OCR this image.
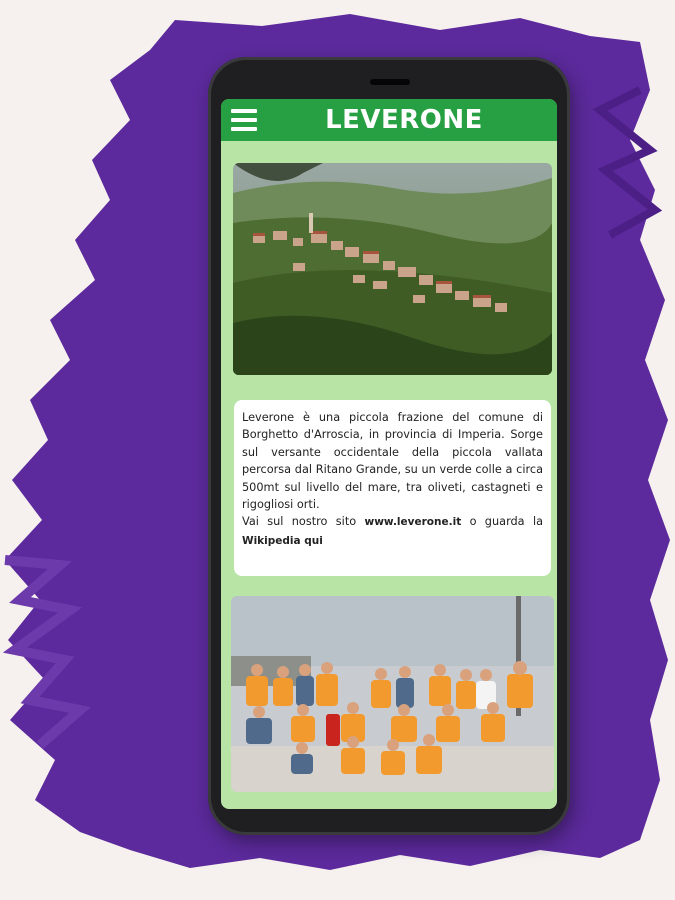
LEVERONE

Leverone è una piccola frazione del comune di Borghetto d'Arroscia, in provincia di Imperia. Sorge sul versante occidentale della piccola vallata percorsa dal Ritano Grande, su un verde colle a circa 500mt sul livello del mare, tra oliveti, castagneti e rigogliosi orti.

Vai sul nostro sito www.leverone.it o guarda la Wikipedia qui
